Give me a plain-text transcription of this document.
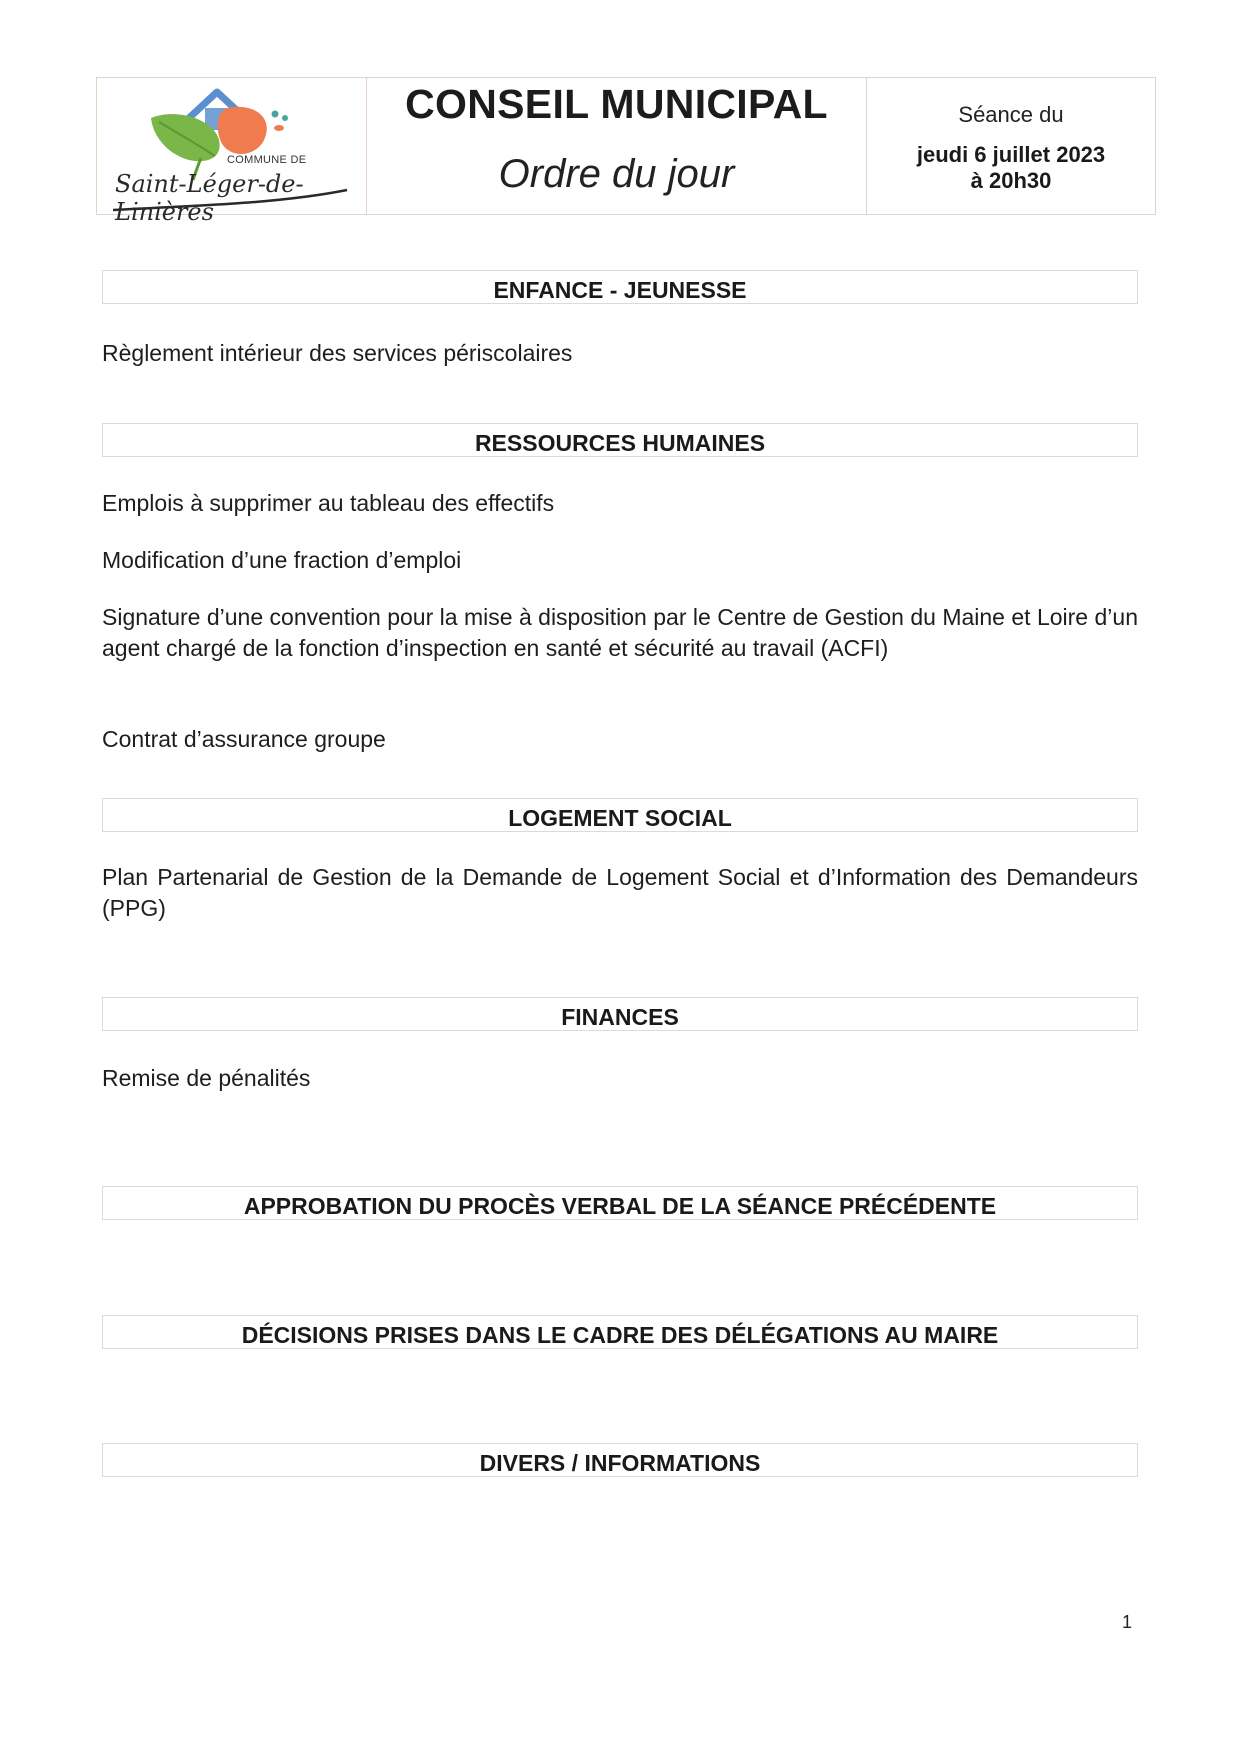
COMMUNE DE
Saint-Léger-de-Linières
CONSEIL MUNICIPAL
Ordre du jour
Séance du
jeudi 6 juillet 2023
à 20h30
ENFANCE - JEUNESSE
Règlement intérieur des services périscolaires
RESSOURCES HUMAINES
Emplois à supprimer au tableau des effectifs
Modification d’une fraction d’emploi
Signature d’une convention pour la mise à disposition par le Centre de Gestion du Maine et Loire d’un agent chargé de la fonction d’inspection en santé et sécurité au travail (ACFI)
Contrat d’assurance groupe
LOGEMENT SOCIAL
Plan Partenarial de Gestion de la Demande de Logement Social et d’Information des Demandeurs (PPG)
FINANCES
Remise de pénalités
APPROBATION DU PROCÈS VERBAL DE LA SÉANCE PRÉCÉDENTE
DÉCISIONS PRISES DANS LE CADRE DES DÉLÉGATIONS AU MAIRE
DIVERS / INFORMATIONS
1
